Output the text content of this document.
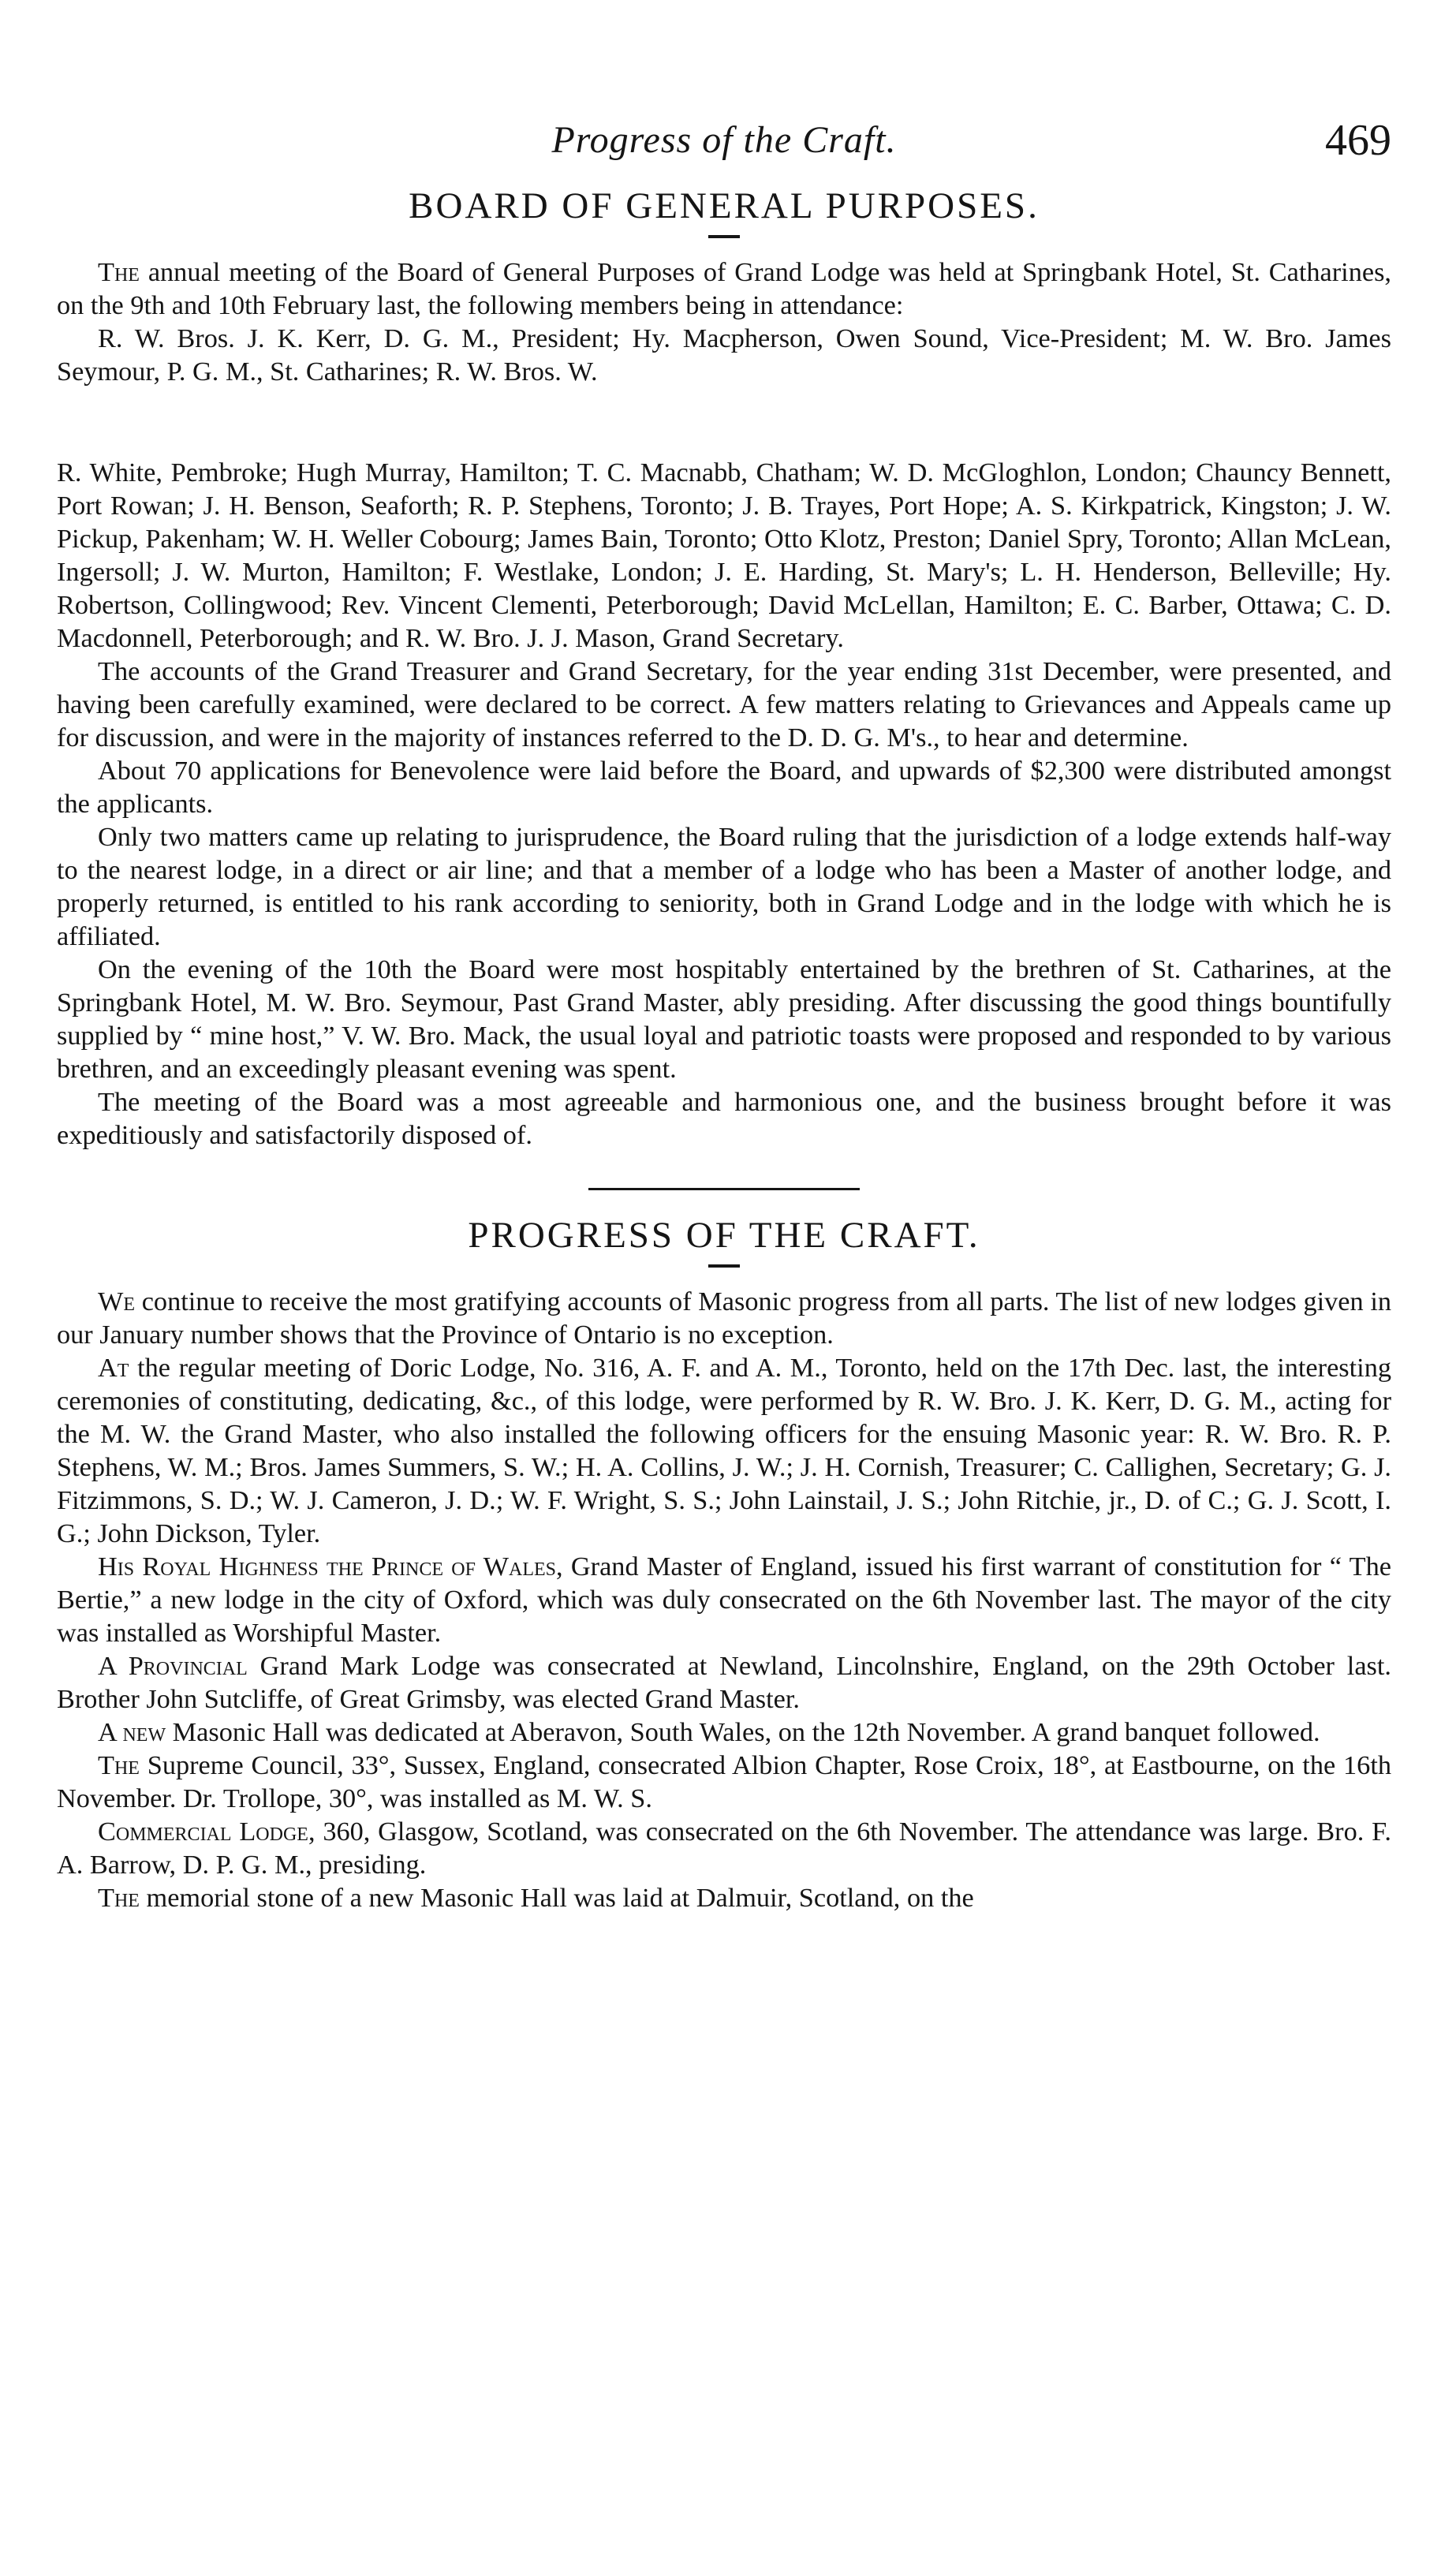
Progress of the Craft.	469
BOARD OF GENERAL PURPOSES.

The annual meeting of the Board of General Purposes of Grand Lodge was held at Springbank Hotel, St. Catharines, on the 9th and 10th February last, the following members being in attendance:

R. W. Bros. J. K. Kerr, D. G. M., President; Hy. Macpherson, Owen Sound, Vice-President; M. W. Bro. James Seymour, P. G. M., St. Catharines; R. W. Bros. W.

R. White, Pembroke; Hugh Murray, Hamilton; T. C. Macnabb, Chatham; W. D. McGloghlon, London; Chauncy Bennett, Port Rowan; J. H. Benson, Seaforth; R. P. Stephens, Toronto; J. B. Trayes, Port Hope; A. S. Kirkpatrick, Kingston; J. W. Pickup, Pakenham; W. H. Weller Cobourg; James Bain, Toronto; Otto Klotz, Preston; Daniel Spry, Toronto; Allan McLean, Ingersoll; J. W. Murton, Hamilton; F. Westlake, London; J. E. Harding, St. Mary's; L. H. Henderson, Belleville; Hy. Robertson, Collingwood; Rev. Vincent Clementi, Peterborough; David McLellan, Hamilton; E. C. Barber, Ottawa; C. D. Macdonnell, Peterborough; and R. W. Bro. J. J. Mason, Grand Secretary.

The accounts of the Grand Treasurer and Grand Secretary, for the year ending 31st December, were presented, and having been carefully examined, were declared to be correct. A few matters relating to Grievances and Appeals came up for discussion, and were in the majority of instances referred to the D. D. G. M's., to hear and determine.

About 70 applications for Benevolence were laid before the Board, and upwards of $2,300 were distributed amongst the applicants.

Only two matters came up relating to jurisprudence, the Board ruling that the jurisdiction of a lodge extends half-way to the nearest lodge, in a direct or air line; and that a member of a lodge who has been a Master of another lodge, and properly returned, is entitled to his rank according to seniority, both in Grand Lodge and in the lodge with which he is affiliated.

On the evening of the 10th the Board were most hospitably entertained by the brethren of St. Catharines, at the Springbank Hotel, M. W. Bro. Seymour, Past Grand Master, ably presiding. After discussing the good things bountifully supplied by “ mine host,” V. W. Bro. Mack, the usual loyal and patriotic toasts were proposed and responded to by various brethren, and an exceedingly pleasant evening was spent.

The meeting of the Board was a most agreeable and harmonious one, and the business brought before it was expeditiously and satisfactorily disposed of.

PROGRESS OF THE CRAFT.

We continue to receive the most gratifying accounts of Masonic progress from all parts. The list of new lodges given in our January number shows that the Province of Ontario is no exception.

At the regular meeting of Doric Lodge, No. 316, A. F. and A. M., Toronto, held on the 17th Dec. last, the interesting ceremonies of constituting, dedicating, &c., of this lodge, were performed by R. W. Bro. J. K. Kerr, D. G. M., acting for the M. W. the Grand Master, who also installed the following officers for the ensuing Masonic year: R. W. Bro. R. P. Stephens, W. M.; Bros. James Summers, S. W.; H. A. Collins, J. W.; J. H. Cornish, Treasurer; C. Callighen, Secretary; G. J. Fitzimmons, S. D.; W. J. Cameron, J. D.; W. F. Wright, S. S.; John Lainstail, J. S.; John Ritchie, jr., D. of C.; G. J. Scott, I. G.; John Dickson, Tyler.

His Royal Highness the Prince of Wales, Grand Master of England, issued his first warrant of constitution for “ The Bertie,” a new lodge in the city of Oxford, which was duly consecrated on the 6th November last. The mayor of the city was installed as Worshipful Master.

A Provincial Grand Mark Lodge was consecrated at Newland, Lincolnshire, England, on the 29th October last. Brother John Sutcliffe, of Great Grimsby, was elected Grand Master.

A new Masonic Hall was dedicated at Aberavon, South Wales, on the 12th November. A grand banquet followed.

The Supreme Council, 33°, Sussex, England, consecrated Albion Chapter, Rose Croix, 18°, at Eastbourne, on the 16th November. Dr. Trollope, 30°, was installed as M. W. S.

Commercial Lodge, 360, Glasgow, Scotland, was consecrated on the 6th November. The attendance was large. Bro. F. A. Barrow, D. P. G. M., presiding.

The memorial stone of a new Masonic Hall was laid at Dalmuir, Scotland, on the
